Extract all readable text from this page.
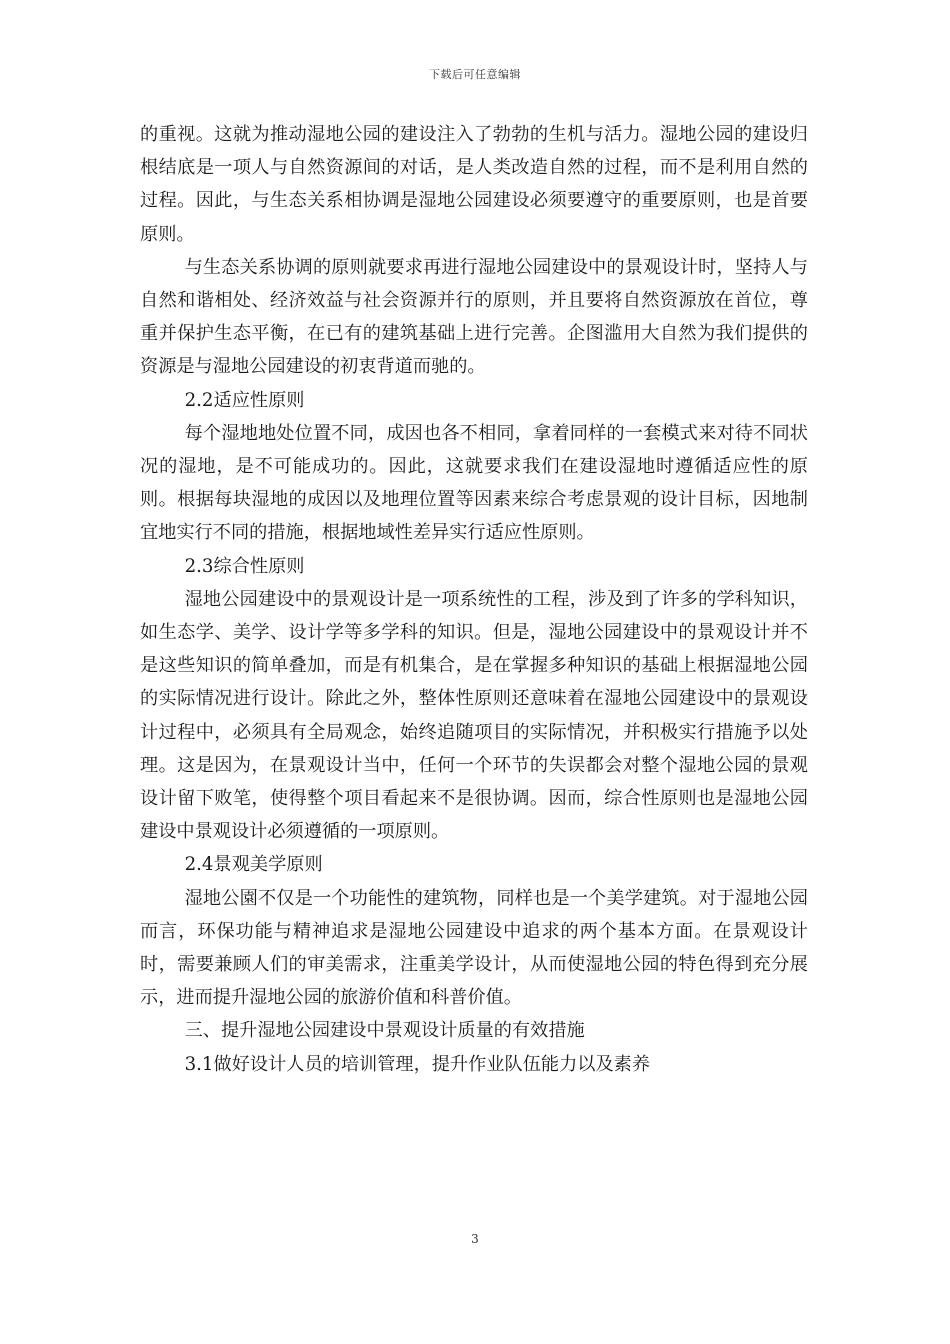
下载后可任意编辑

的重视。这就为推动湿地公园的建设注入了勃勃的生机与活力。湿地公园的建设归根结底是一项人与自然资源间的对话，是人类改造自然的过程，而不是利用自然的过程。因此，与生态关系相协调是湿地公园建设必须要遵守的重要原则，也是首要原则。

与生态关系协调的原则就要求再进行湿地公园建设中的景观设计时，坚持人与自然和谐相处、经济效益与社会资源并行的原则，并且要将自然资源放在首位，尊重并保护生态平衡，在已有的建筑基础上进行完善。企图滥用大自然为我们提供的资源是与湿地公园建设的初衷背道而驰的。

2.2适应性原则

每个湿地地处位置不同，成因也各不相同，拿着同样的一套模式来对待不同状况的湿地，是不可能成功的。因此，这就要求我们在建设湿地时遵循适应性的原则。根据每块湿地的成因以及地理位置等因素来综合考虑景观的设计目标，因地制宜地实行不同的措施，根据地域性差异实行适应性原则。

2.3综合性原则

湿地公园建设中的景观设计是一项系统性的工程，涉及到了许多的学科知识，如生态学、美学、设计学等多学科的知识。但是，湿地公园建设中的景观设计并不是这些知识的简单叠加，而是有机集合，是在掌握多种知识的基础上根据湿地公园的实际情况进行设计。除此之外，整体性原则还意味着在湿地公园建设中的景观设计过程中，必须具有全局观念，始终追随项目的实际情况，并积极实行措施予以处理。这是因为，在景观设计当中，任何一个环节的失误都会对整个湿地公园的景观设计留下败笔，使得整个项目看起来不是很协调。因而，综合性原则也是湿地公园建设中景观设计必须遵循的一项原则。

2.4景观美学原则

湿地公園不仅是一个功能性的建筑物，同样也是一个美学建筑。对于湿地公园而言，环保功能与精神追求是湿地公园建设中追求的两个基本方面。在景观设计时，需要兼顾人们的审美需求，注重美学设计，从而使湿地公园的特色得到充分展示，进而提升湿地公园的旅游价值和科普价值。

三、提升湿地公园建设中景观设计质量的有效措施

3.1做好设计人员的培训管理，提升作业队伍能力以及素养

3
